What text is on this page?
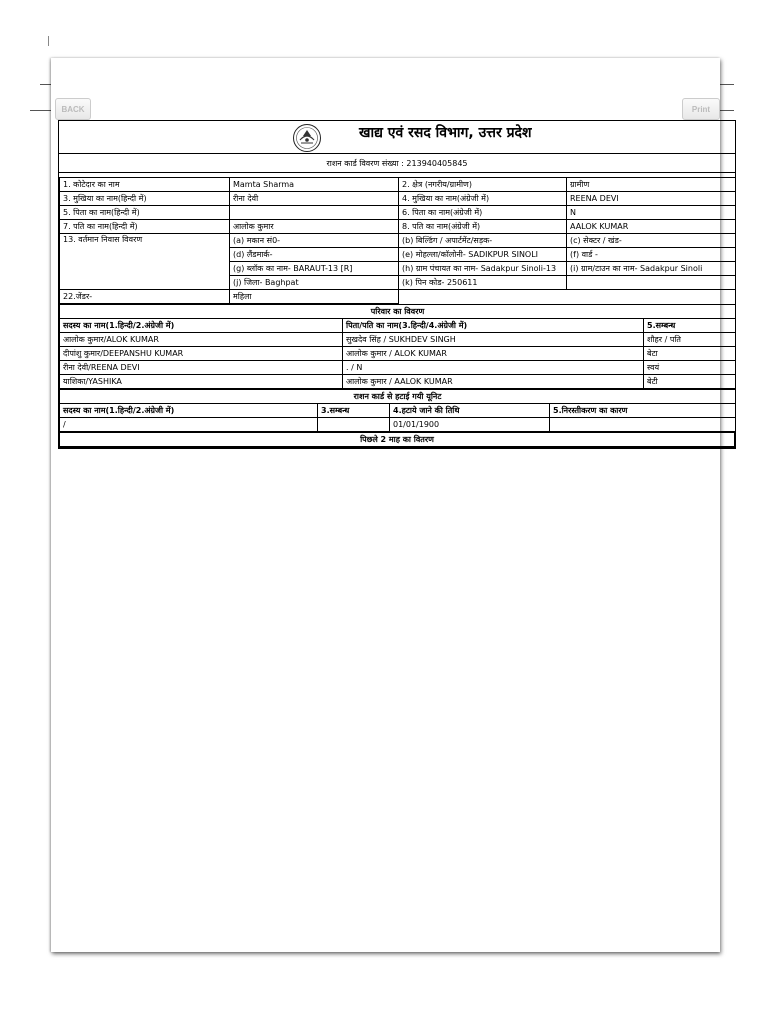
BACK	Print
खाद्य एवं रसद विभाग, उत्तर प्रदेश
राशन कार्ड विवरण संख्या : 213940405845
1. कोटेदार का नाम	Mamta Sharma	2. क्षेत्र (नगरीय/ग्रामीण)	ग्रामीण
3. मुखिया का नाम(हिन्दी में)	रीना देवी	4. मुखिया का नाम(अंग्रेजी में)	REENA DEVI
5. पिता का नाम(हिन्दी में)		6. पिता का नाम(अंग्रेजी में)	N
7. पति का नाम(हिन्दी में)	आलोक कुमार	8. पति का नाम(अंग्रेजी में)	AALOK KUMAR
13. वर्तमान निवास विवरण	(a) मकान सं0-	(b) बिल्डिंग / अपार्टमेंट/सड़क-	(c) सेक्टर / खंड-
	(d) लैंडमार्क-	(e) मोहल्ला/कॉलोनी- SADIKPUR SINOLI	(f) वार्ड -
	(g) ब्लॉक का नाम- BARAUT-13 [R]	(h) ग्राम पंचायत का नाम- Sadakpur Sinoli-13	(i) ग्राम/टाउन का नाम- Sadakpur Sinoli
	(j) जिला- Baghpat	(k) पिन कोड- 250611	
22.जेंडर-	महिला		
परिवार का विवरण		
सदस्य का नाम(1.हिन्दी/2.अंग्रेजी में)	पिता/पति का नाम(3.हिन्दी/4.अंग्रेजी में)	5.सम्बन्ध
आलोक कुमार/ALOK KUMAR	सुखदेव सिंह / SUKHDEV SINGH	शौहर / पति
दीपांशु कुमार/DEEPANSHU KUMAR	आलोक कुमार / ALOK KUMAR	बेटा
रीना देवी/REENA DEVI	. / N	स्वयं
याशिका/YASHIKA	आलोक कुमार / AALOK KUMAR	बेटी
राशन कार्ड से हटाई गयी यूनिट			
सदस्य का नाम(1.हिन्दी/2.अंग्रेजी में)	3.सम्बन्ध	4.हटाये जाने की तिथि	5.निरस्तीकरण का कारण
/		01/01/1900	
पिछले 2 माह का वितरण
